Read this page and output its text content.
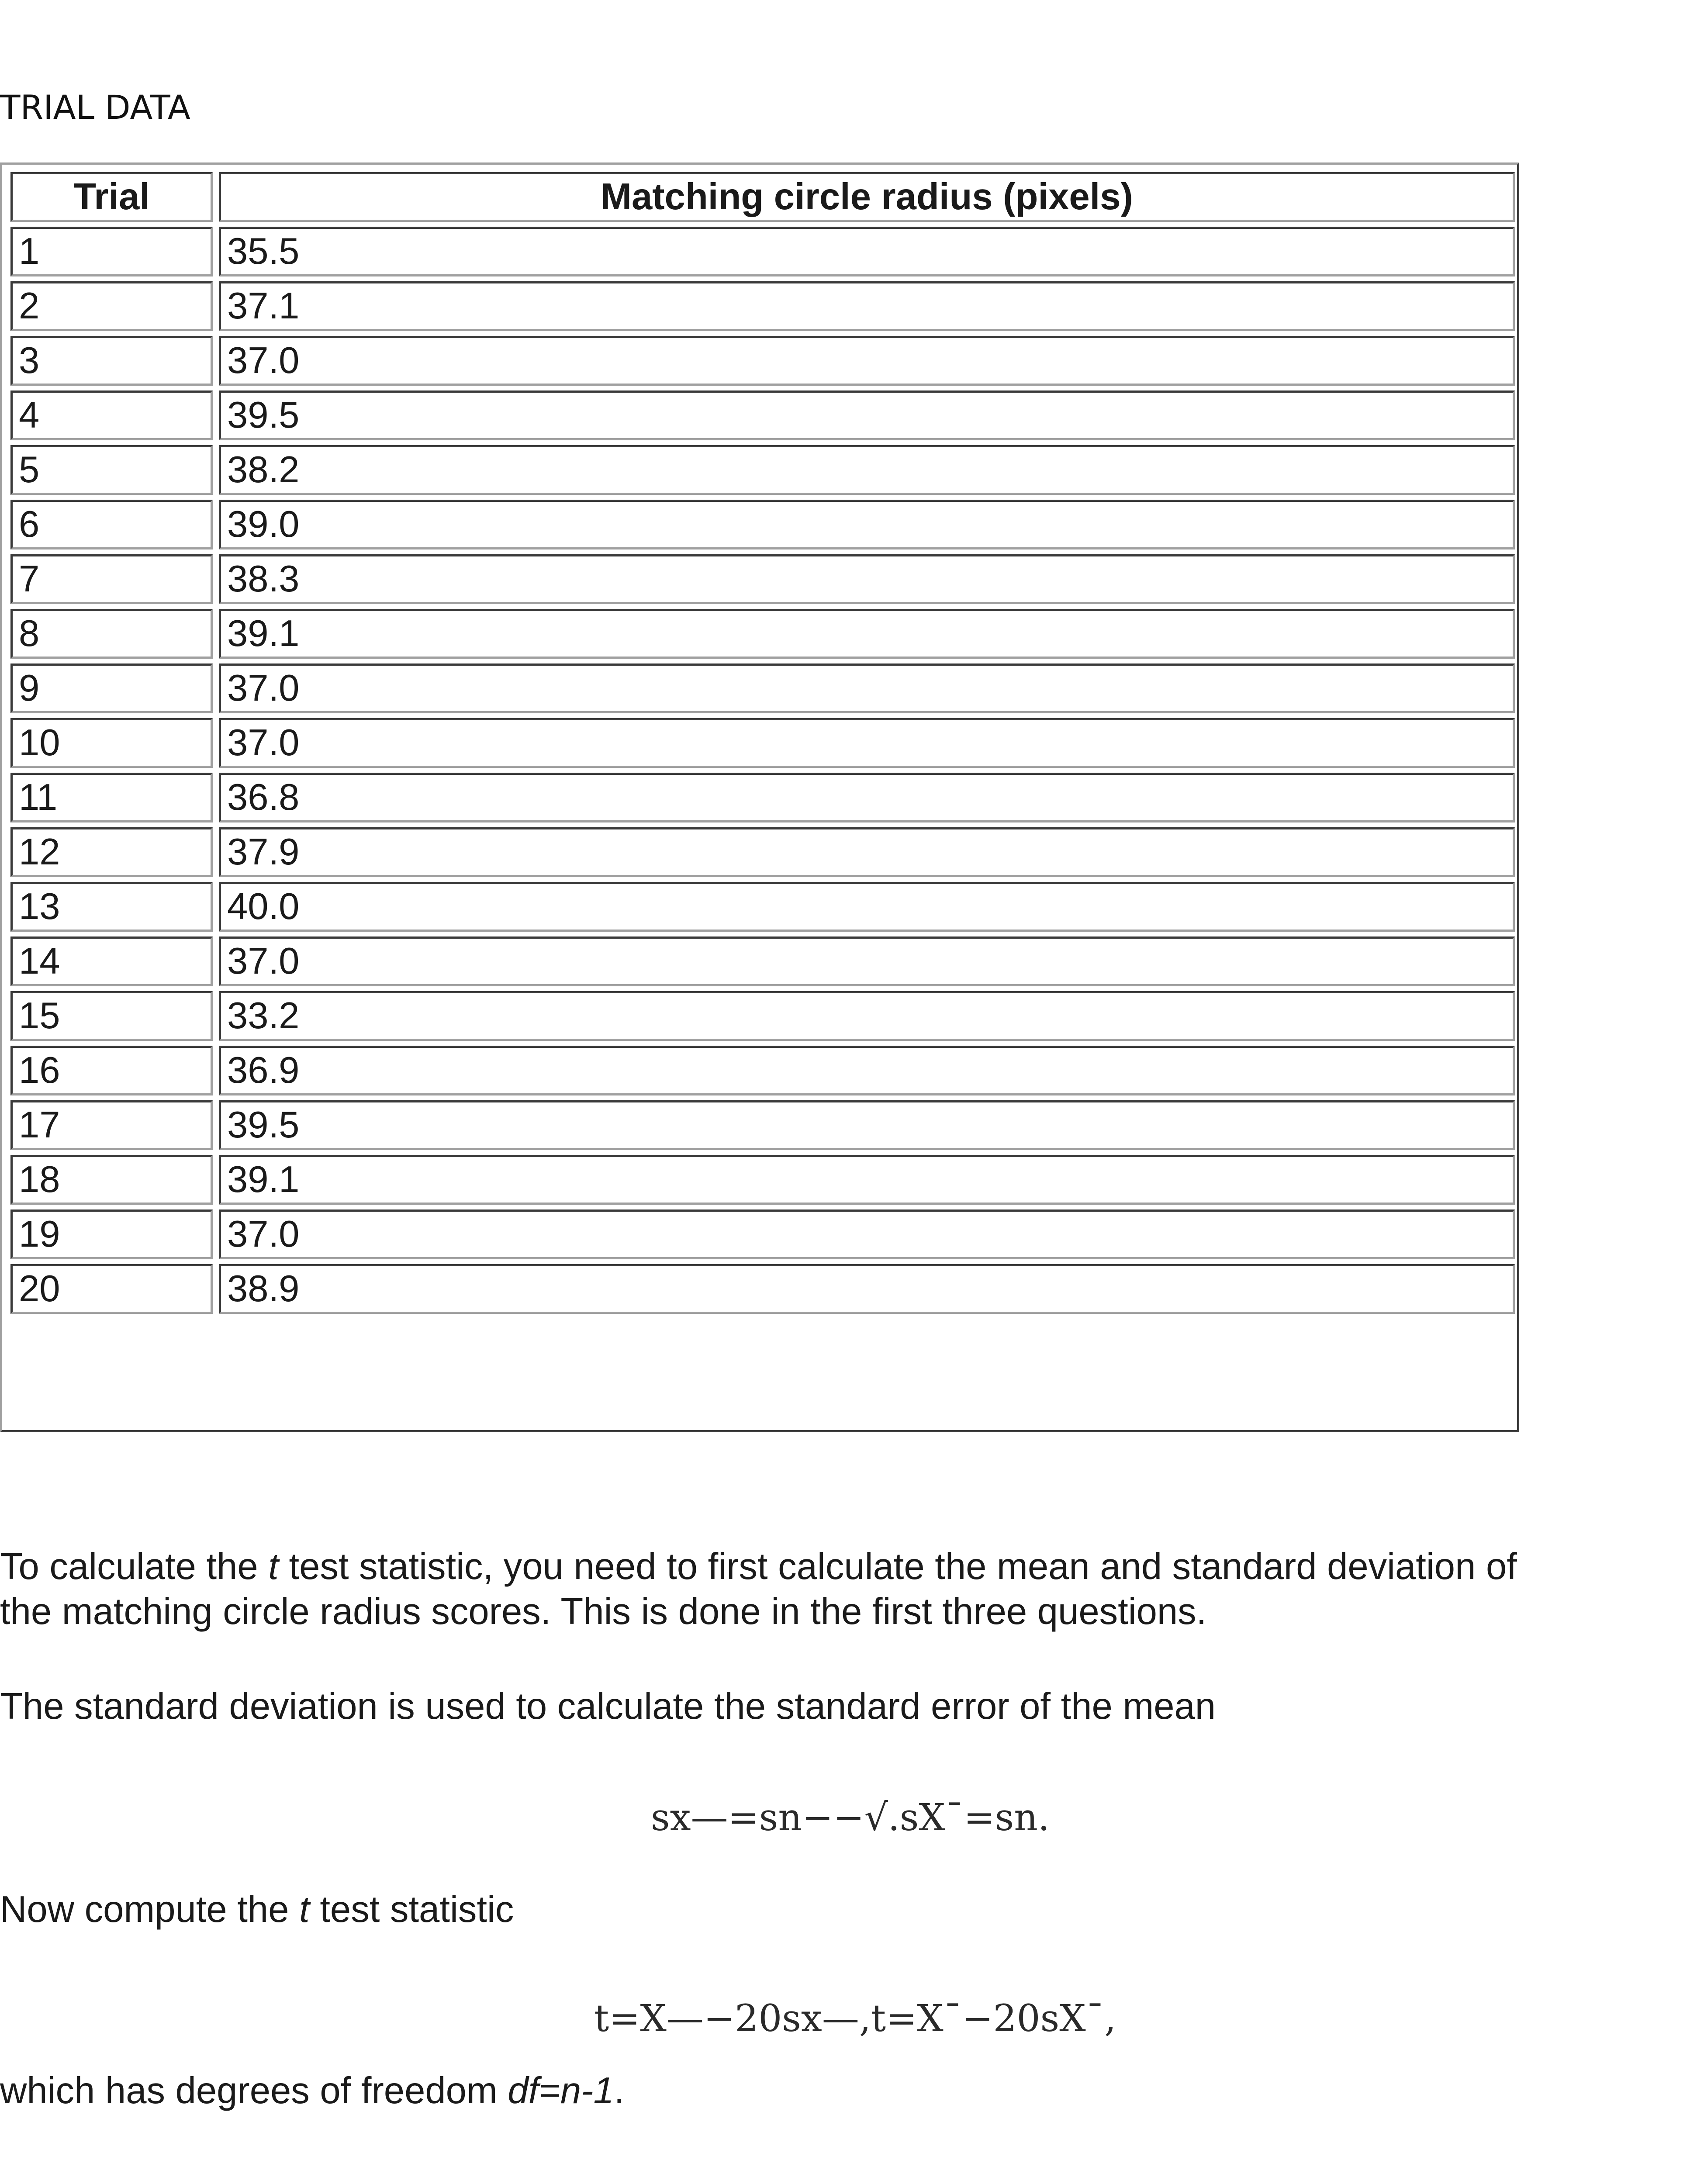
TRIAL DATA
Trial	Matching circle radius (pixels)
1	35.5
2	37.1
3	37.0
4	39.5
5	38.2
6	39.0
7	38.3
8	39.1
9	37.0
10	37.0
11	36.8
12	37.9
13	40.0
14	37.0
15	33.2
16	36.9
17	39.5
18	39.1
19	37.0
20	38.9
To calculate the t test statistic, you need to first calculate the mean and standard deviation of
the matching circle radius scores. This is done in the first three questions.
The standard deviation is used to calculate the standard error of the mean
sx—=sn−−√.sX¯=sn.
Now compute the t test statistic
t=X—−20sx—,t=X¯−20sX¯,
which has degrees of freedom df=n-1.
